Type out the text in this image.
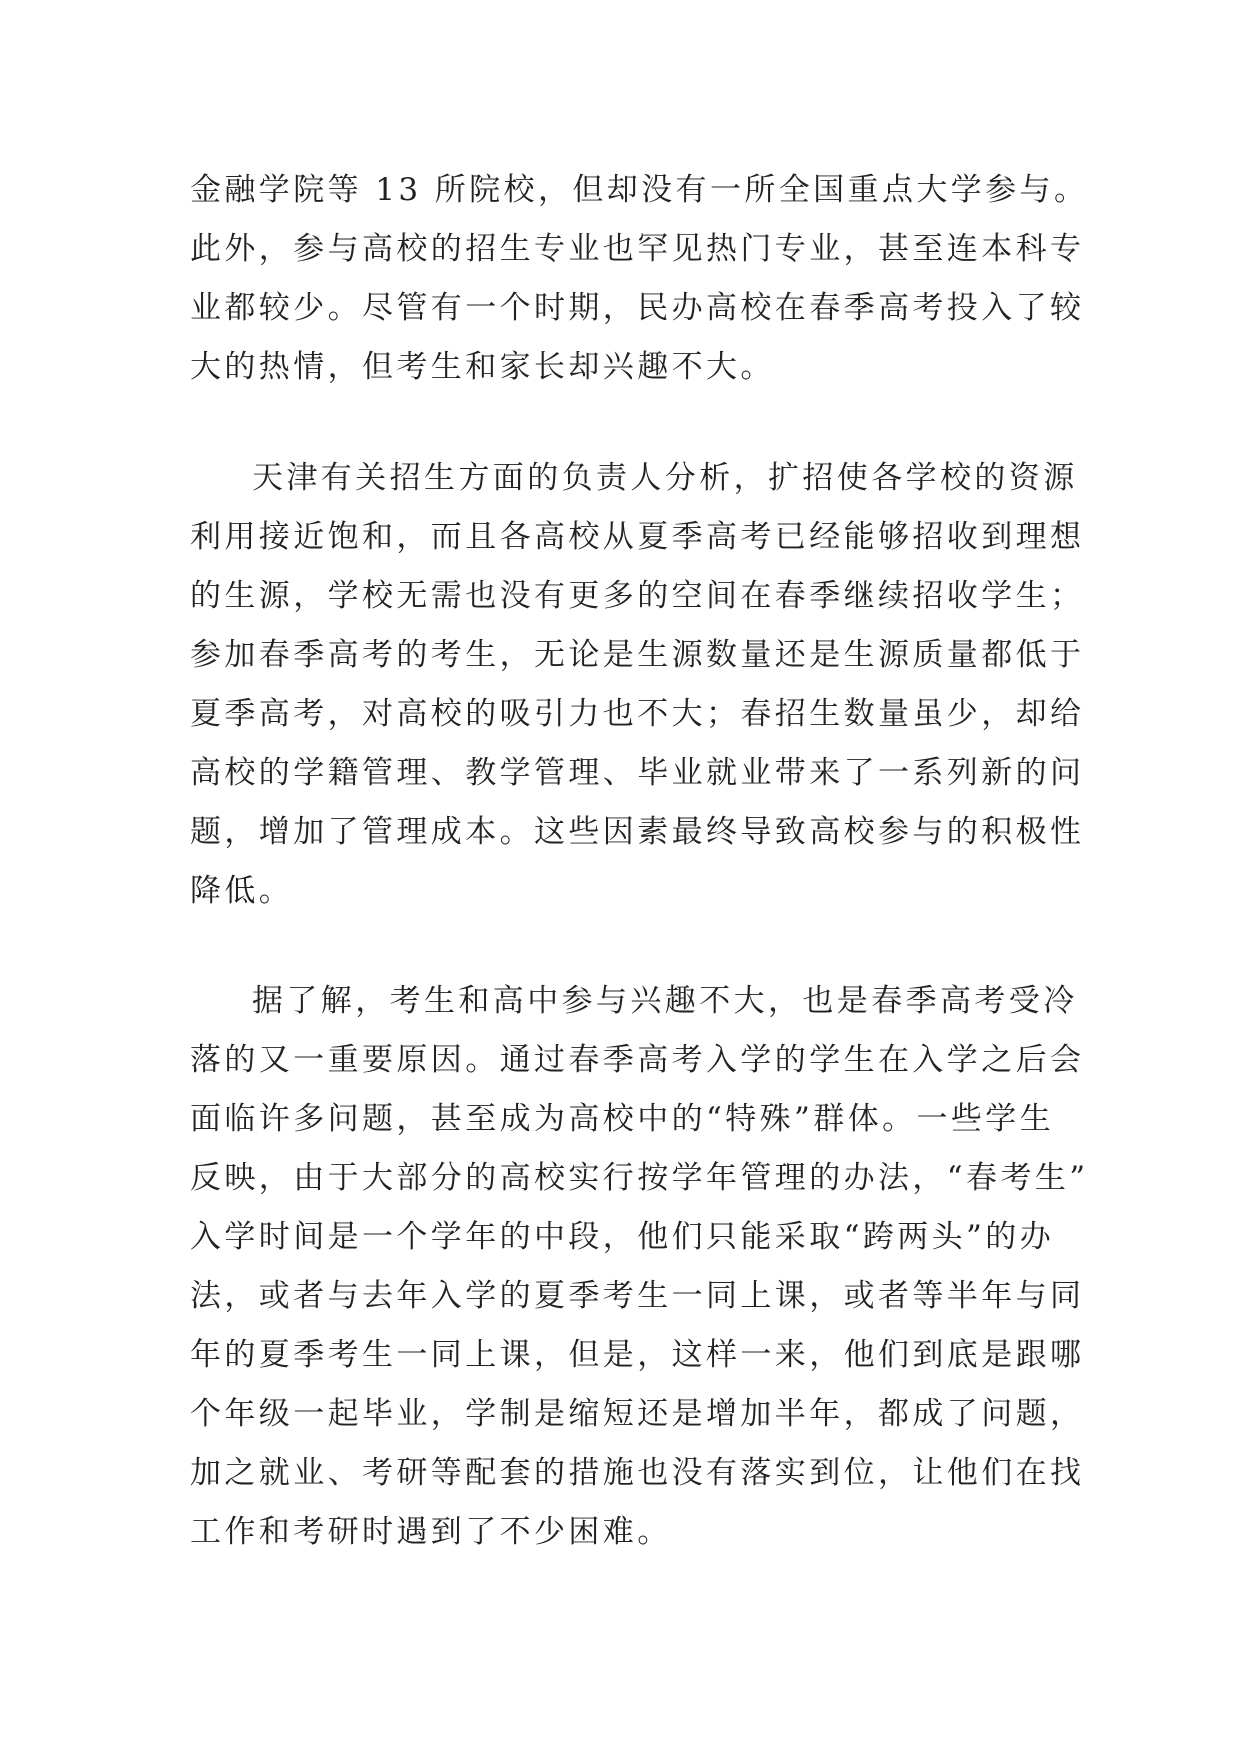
金融学院等 13 所院校，但却没有一所全国重点大学参与。
此外，参与高校的招生专业也罕见热门专业，甚至连本科专
业都较少。尽管有一个时期，民办高校在春季高考投入了较
大的热情，但考生和家长却兴趣不大。
天津有关招生方面的负责人分析，扩招使各学校的资源
利用接近饱和，而且各高校从夏季高考已经能够招收到理想
的生源，学校无需也没有更多的空间在春季继续招收学生；
参加春季高考的考生，无论是生源数量还是生源质量都低于
夏季高考，对高校的吸引力也不大；春招生数量虽少，却给
高校的学籍管理、教学管理、毕业就业带来了一系列新的问
题，增加了管理成本。这些因素最终导致高校参与的积极性
降低。
据了解，考生和高中参与兴趣不大，也是春季高考受冷
落的又一重要原因。通过春季高考入学的学生在入学之后会
面临许多问题，甚至成为高校中的“特殊”群体。一些学生
反映，由于大部分的高校实行按学年管理的办法，“春考生”
入学时间是一个学年的中段，他们只能采取“跨两头”的办
法，或者与去年入学的夏季考生一同上课，或者等半年与同
年的夏季考生一同上课，但是，这样一来，他们到底是跟哪
个年级一起毕业，学制是缩短还是增加半年，都成了问题，
加之就业、考研等配套的措施也没有落实到位，让他们在找
工作和考研时遇到了不少困难。
